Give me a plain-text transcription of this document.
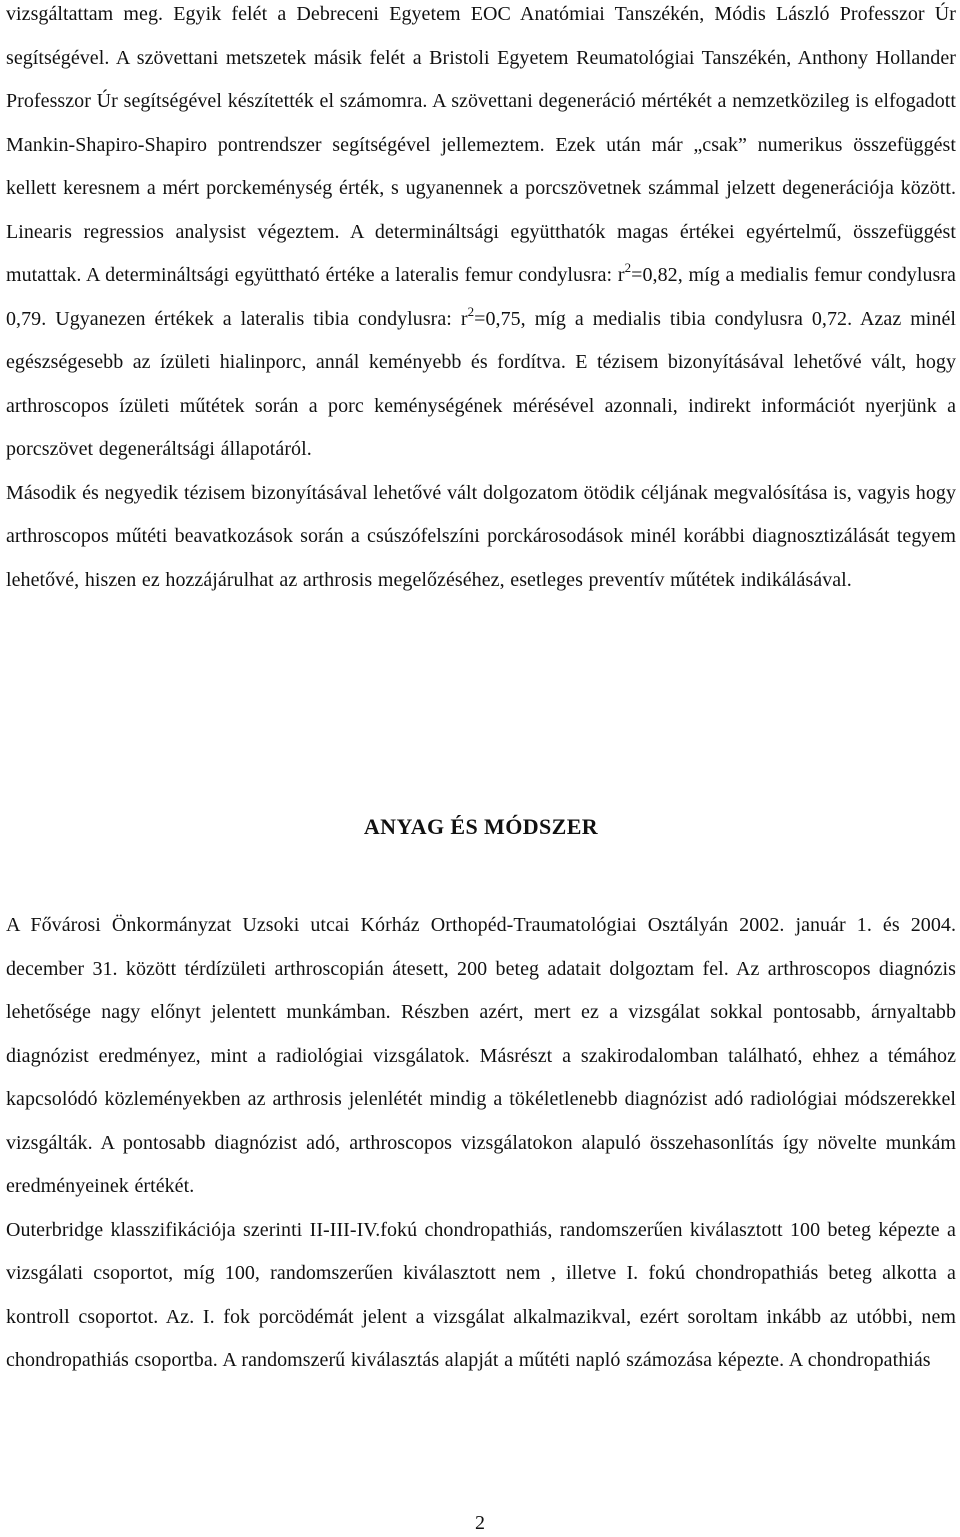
vizsgáltattam meg. Egyik felét a Debreceni Egyetem EOC Anatómiai Tanszékén, Módis László Professzor Úr segítségével. A szövettani metszetek másik felét a Bristoli Egyetem Reumatológiai Tanszékén, Anthony Hollander Professzor Úr segítségével készítették el számomra. A szövettani degeneráció mértékét a nemzetközileg is elfogadott Mankin-Shapiro-Shapiro pontrendszer segítségével jellemeztem. Ezek után már „csak” numerikus összefüggést kellett keresnem a mért porckeménység érték, s ugyanennek a porcszövetnek számmal jelzett degenerációja között. Linearis regressios analysist végeztem. A determináltsági együtthatók magas értékei egyértelmű, összefüggést mutattak. A determináltsági együttható értéke a lateralis femur condylusra: $r^2=0,82$, míg a medialis femur condylusra 0,79. Ugyanezen értékek a lateralis tibia condylusra: $r^2=0,75$, míg a medialis tibia condylusra 0,72. Azaz minél egészségesebb az ízületi hialinporc, annál keményebb és fordítva. E tézisem bizonyításával lehetővé vált, hogy arthroscopos ízületi műtétek során a porc keménységének mérésével azonnali, indirekt információt nyerjünk a porcszövet degeneráltsági állapotáról.

Második és negyedik tézisem bizonyításával lehetővé vált dolgozatom ötödik céljának megvalósítása is, vagyis hogy arthroscopos műtéti beavatkozások során a csúszófelszíni porckárosodások minél korábbi diagnosztizálását tegyem lehetővé, hiszen ez hozzájárulhat az arthrosis megelőzéséhez, esetleges preventív műtétek indikálásával.

ANYAG ÉS MÓDSZER

A Fővárosi Önkormányzat Uzsoki utcai Kórház Orthopéd-Traumatológiai Osztályán 2002. január 1. és 2004. december 31. között térdízületi arthroscopián átesett, 200 beteg adatait dolgoztam fel. Az arthroscopos diagnózis lehetősége nagy előnyt jelentett munkámban. Részben azért, mert ez a vizsgálat sokkal pontosabb, árnyaltabb diagnózist eredményez, mint a radiológiai vizsgálatok. Másrészt a szakirodalomban található, ehhez a témához kapcsolódó közleményekben az arthrosis jelenlétét mindig a tökéletlenebb diagnózist adó radiológiai módszerekkel vizsgálták. A pontosabb diagnózist adó, arthroscopos vizsgálatokon alapuló összehasonlítás így növelte munkám eredményeinek értékét.

Outerbridge klasszifikációja szerinti II-III-IV.fokú chondropathiás, randomszerűen kiválasztott 100 beteg képezte a vizsgálati csoportot, míg 100, randomszerűen kiválasztott nem , illetve I. fokú chondropathiás beteg alkotta a kontroll csoportot. Az. I. fok porcödémát jelent a vizsgálat alkalmazikval, ezért soroltam inkább az utóbbi, nem chondropathiás csoportba. A randomszerű kiválasztás alapját a műtéti napló számozása képezte. A chondropathiás

2
